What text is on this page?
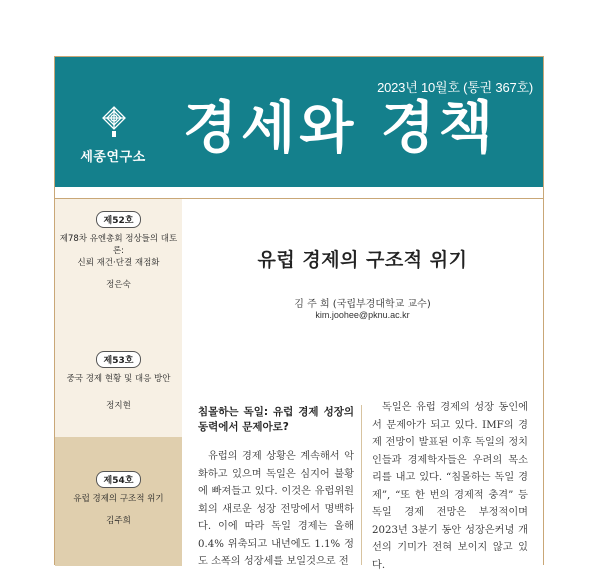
2023년 10월호 (통권 367호)
세종연구소 경세와 경책
제52호
제78차 유엔총회 정상들의 대토론:
신뢰 재건·단결 재점화
정은숙
제53호
중국 경제 현황 및 대응 방안
정지현
제54호
유럽 경제의 구조적 위기
김주희
유럽 경제의 구조적 위기
김 주 희 (국립부경대학교 교수)
kim.joohee@pknu.ac.kr
침몰하는 독일: 유럽 경제 성장의 동력에서 문제아로?
유럽의 경제 상황은 계속해서 악화하고 있으며 독일은 심지어 불황에 빠져들고 있다. 이것은 유럽위원회의 새로운 성장 전망에서 명백하다. 이에 따라 독일 경제는 올해 0.4% 위축되고 내년에도 1.1% 정도 소폭의 성장세를 보일것으로 전
독일은 유럽 경제의 성장 동인에서 문제아가 되고 있다. IMF의 경제 전망이 발표된 이후 독일의 정치인들과 경제학자들은 우려의 목소리를 내고 있다. “침몰하는 독일 경제”, “또 한 번의 경제적 충격” 등 독일 경제 전망은 부정적이며 2023년 3분기 동안 성장은커녕 개선의 기미가 전혀 보이지 않고 있다.
